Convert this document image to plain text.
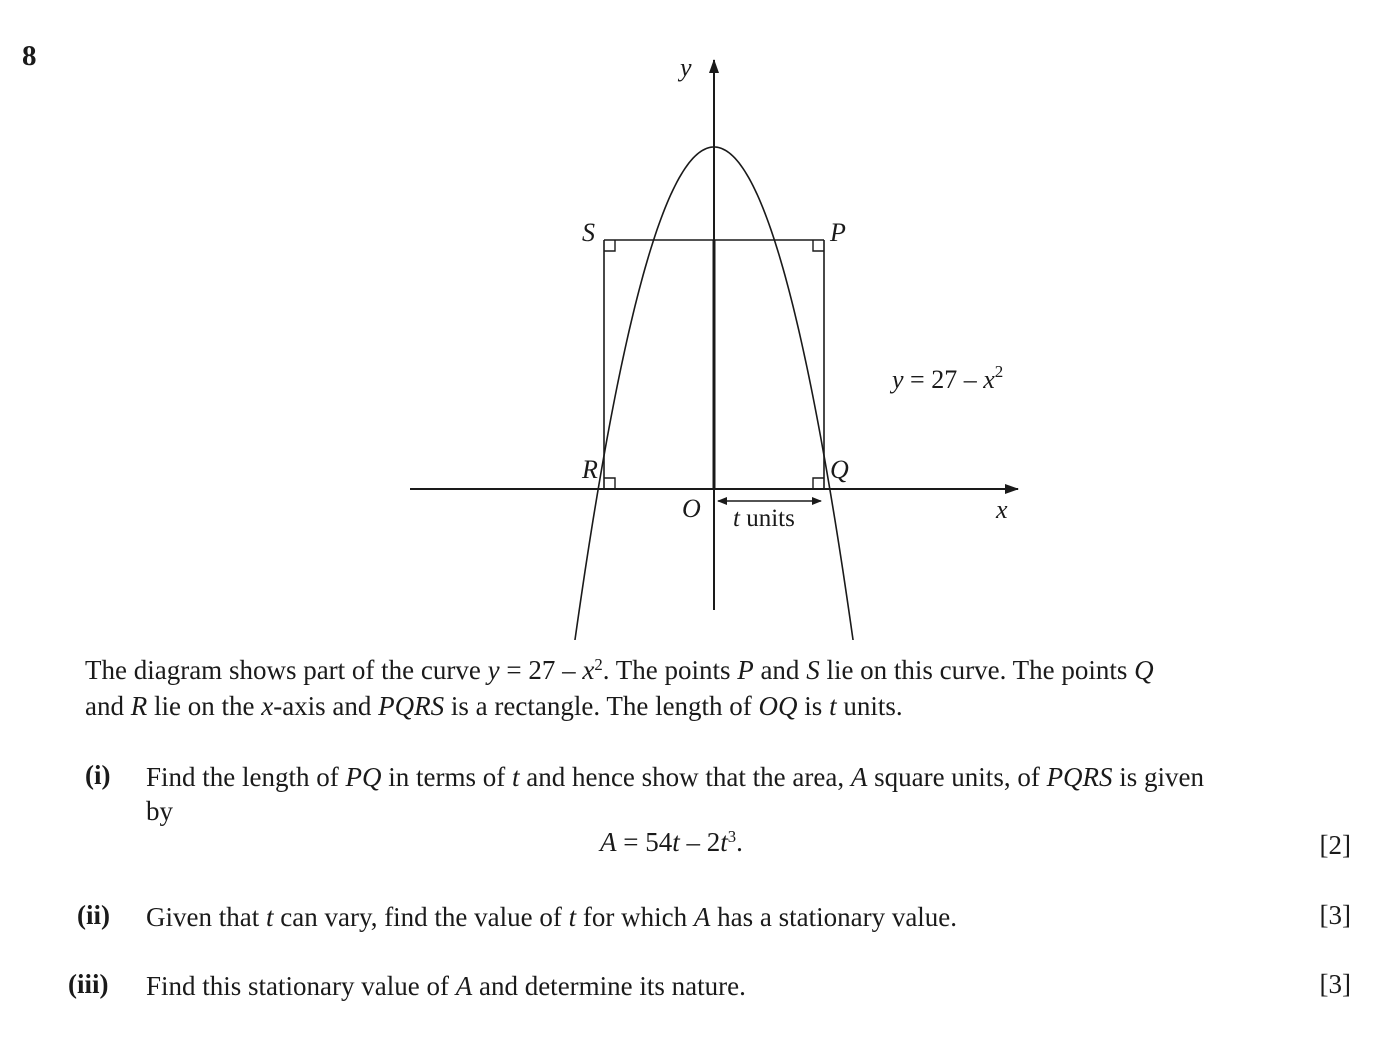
8	y
x
O
S	P
R	Q
$y = 27 - x^2$
t units
The diagram shows part of the curve $y = 27 - x^2$. The points P and S lie on this curve. The points Q
and R lie on the x-axis and PQRS is a rectangle. The length of OQ is t units.
(i) Find the length of PQ in terms of t and hence show that the area, A square units, of PQRS is given
by
$A = 54t - 2t^3$.	[2]
(ii) Given that t can vary, find the value of t for which A has a stationary value.	[3]
(iii) Find this stationary value of A and determine its nature.	[3]
